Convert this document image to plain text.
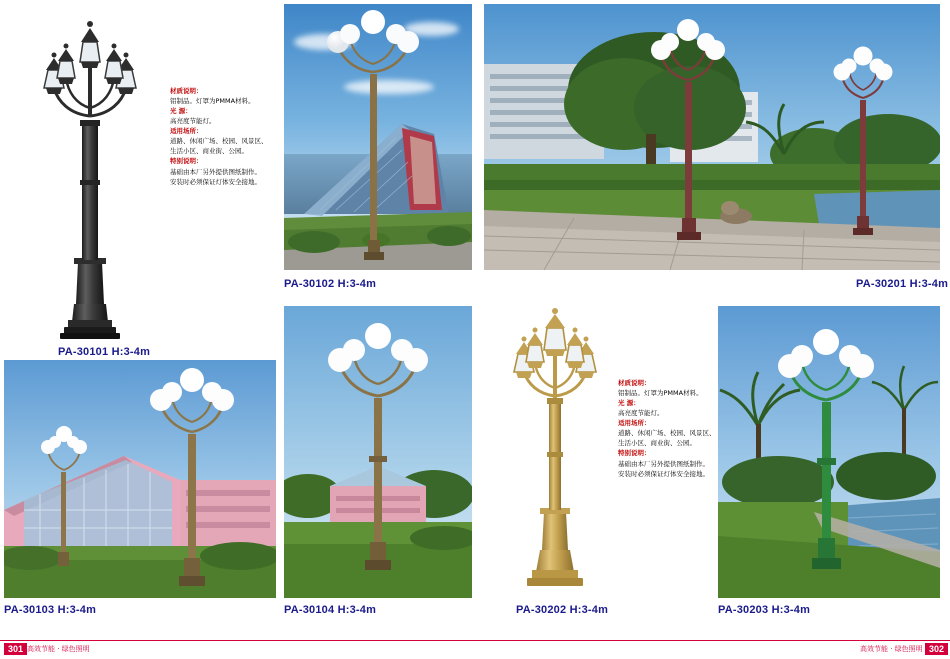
PA-30101 H:3-4m
材质说明：
铝制品。灯罩为PMMA材料。
光 源：
高亮度节能灯。
适用场所：
道路、休闲广场、校园、风景区、
生活小区、商业街、公园。
特别说明：
基础由本厂另外提供图纸制作。
安装时必须保证灯体安全接地。
PA-30102 H:3-4m	PA-30201 H:3-4m
PA-30103 H:3-4m	PA-30104 H:3-4m	PA-30202 H:3-4m
材质说明：
铝制品。灯罩为PMMA材料。
光 源：
高亮度节能灯。
适用场所：
道路、休闲广场、校园、风景区、
生活小区、商业街、公园。
特别说明：
基础由本厂另外提供图纸制作。
安装时必须保证灯体安全接地。
PA-30203 H:3-4m
301 高效节能 · 绿色照明	高效节能 · 绿色照明 302
